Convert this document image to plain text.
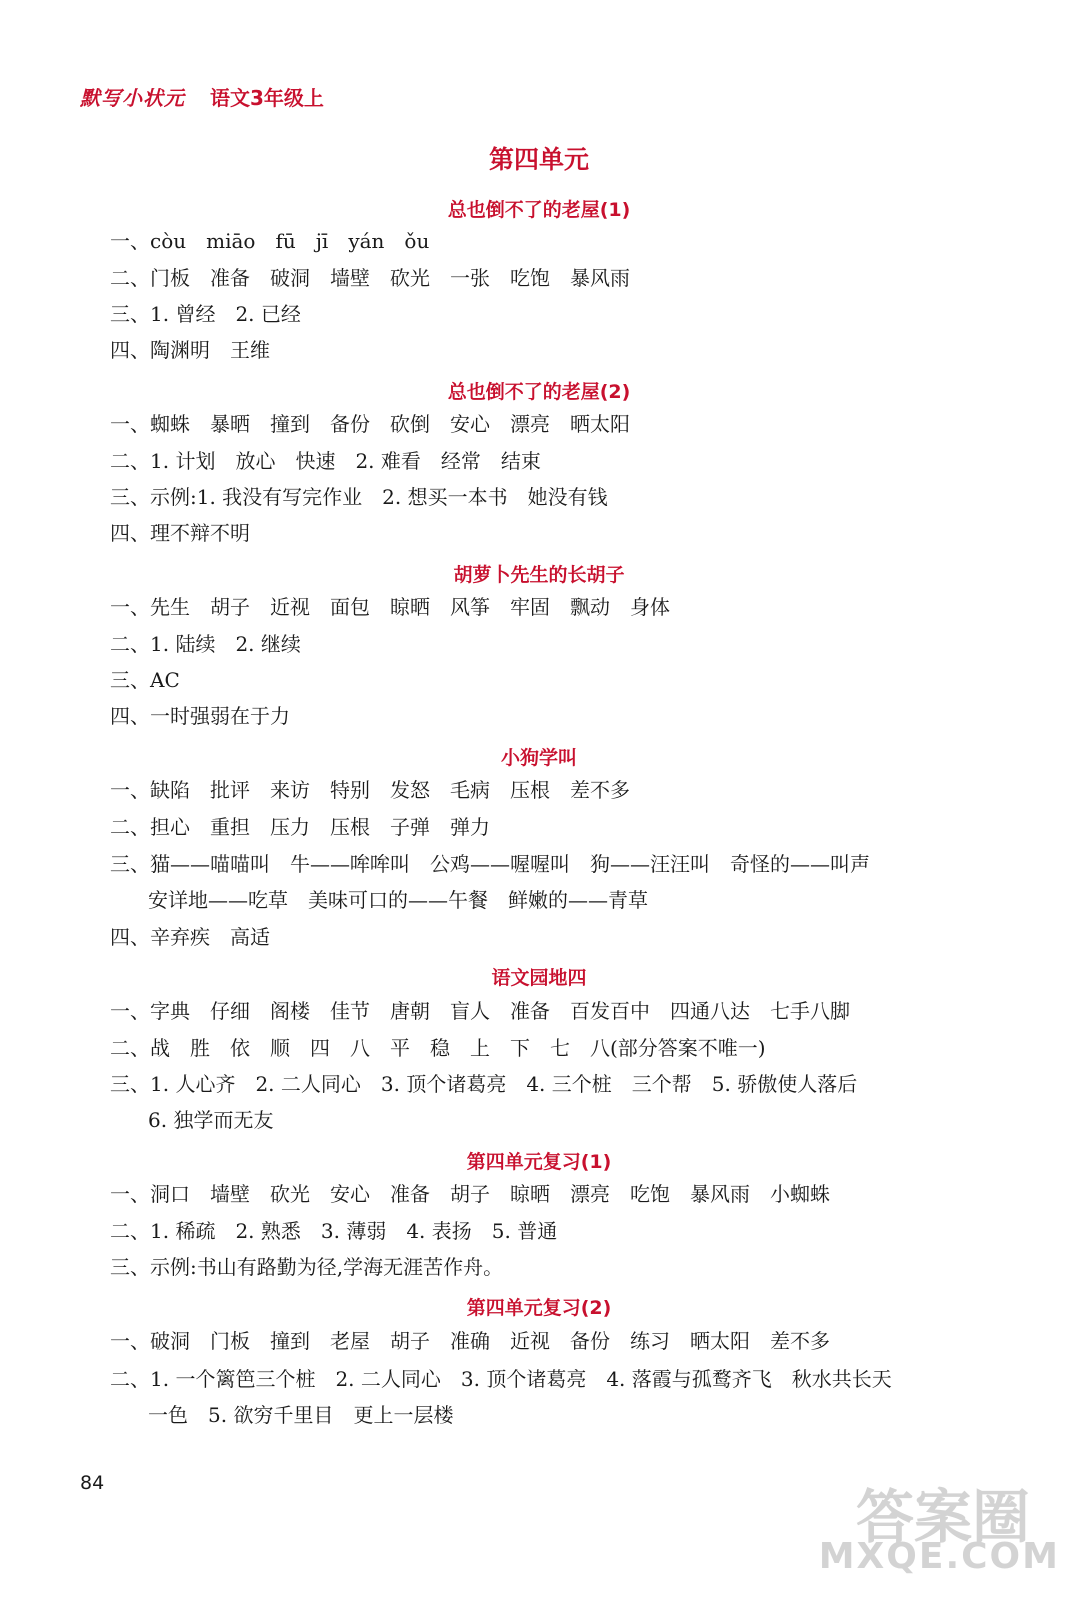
默写小状元 语文3年级上
第四单元
总也倒不了的老屋(1)
一、còu　miāo　fū　jī　yán　ǒu
二、门板　准备　破洞　墙壁　砍光　一张　吃饱　暴风雨
三、1. 曾经　2. 已经
四、陶渊明　王维
总也倒不了的老屋(2)
一、蜘蛛　暴晒　撞到　备份　砍倒　安心　漂亮　晒太阳
二、1. 计划　放心　快速　2. 难看　经常　结束
三、示例:1. 我没有写完作业　2. 想买一本书　她没有钱
四、理不辩不明
胡萝卜先生的长胡子
一、先生　胡子　近视　面包　晾晒　风筝　牢固　飘动　身体
二、1. 陆续　2. 继续
三、AC
四、一时强弱在于力
小狗学叫
一、缺陷　批评　来访　特别　发怒　毛病　压根　差不多
二、担心　重担　压力　压根　子弹　弹力
三、猫——喵喵叫　牛——哞哞叫　公鸡——喔喔叫　狗——汪汪叫　奇怪的——叫声
安详地——吃草　美味可口的——午餐　鲜嫩的——青草
四、辛弃疾　高适
语文园地四
一、字典　仔细　阁楼　佳节　唐朝　盲人　准备　百发百中　四通八达　七手八脚
二、战　胜　依　顺　四　八　平　稳　上　下　七　八(部分答案不唯一)
三、1. 人心齐　2. 二人同心　3. 顶个诸葛亮　4. 三个桩　三个帮　5. 骄傲使人落后
6. 独学而无友
第四单元复习(1)
一、洞口　墙壁　砍光　安心　准备　胡子　晾晒　漂亮　吃饱　暴风雨　小蜘蛛
二、1. 稀疏　2. 熟悉　3. 薄弱　4. 表扬　5. 普通
三、示例:书山有路勤为径,学海无涯苦作舟。
第四单元复习(2)
一、破洞　门板　撞到　老屋　胡子　准确　近视　备份　练习　晒太阳　差不多
二、1. 一个篱笆三个桩　2. 二人同心　3. 顶个诸葛亮　4. 落霞与孤鹜齐飞　秋水共长天
一色　5. 欲穷千里目　更上一层楼
84	答案圈
MXQE.COM
